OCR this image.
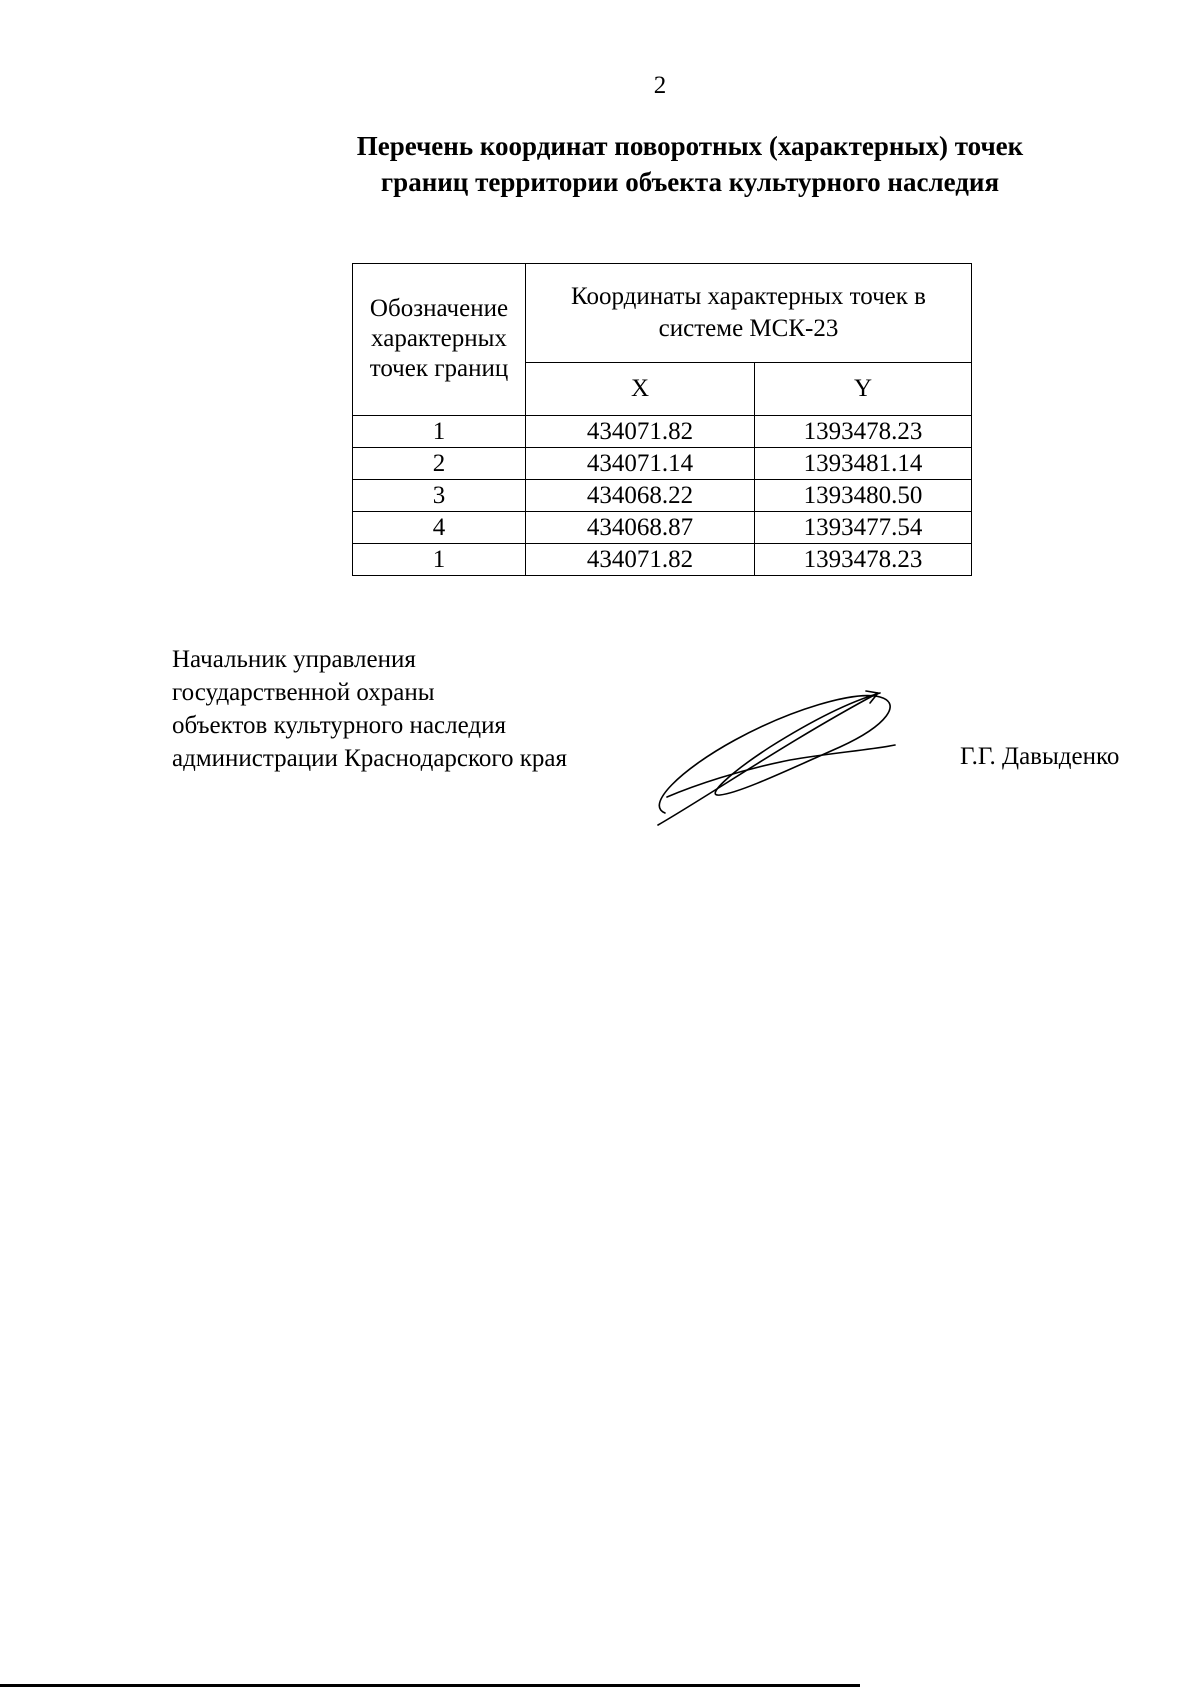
2
Перечень координат поворотных (характерных) точек
границ территории объекта культурного наследия
Обозначение характерных точек границ	Координаты характерных точек в системе МСК-23	
	X	Y
1	434071.82	1393478.23
2	434071.14	1393481.14
3	434068.22	1393480.50
4	434068.87	1393477.54
1	434071.82	1393478.23
Начальник управления
государственной охраны
объектов культурного наследия
администрации Краснодарского края	Г.Г. Давыденко
